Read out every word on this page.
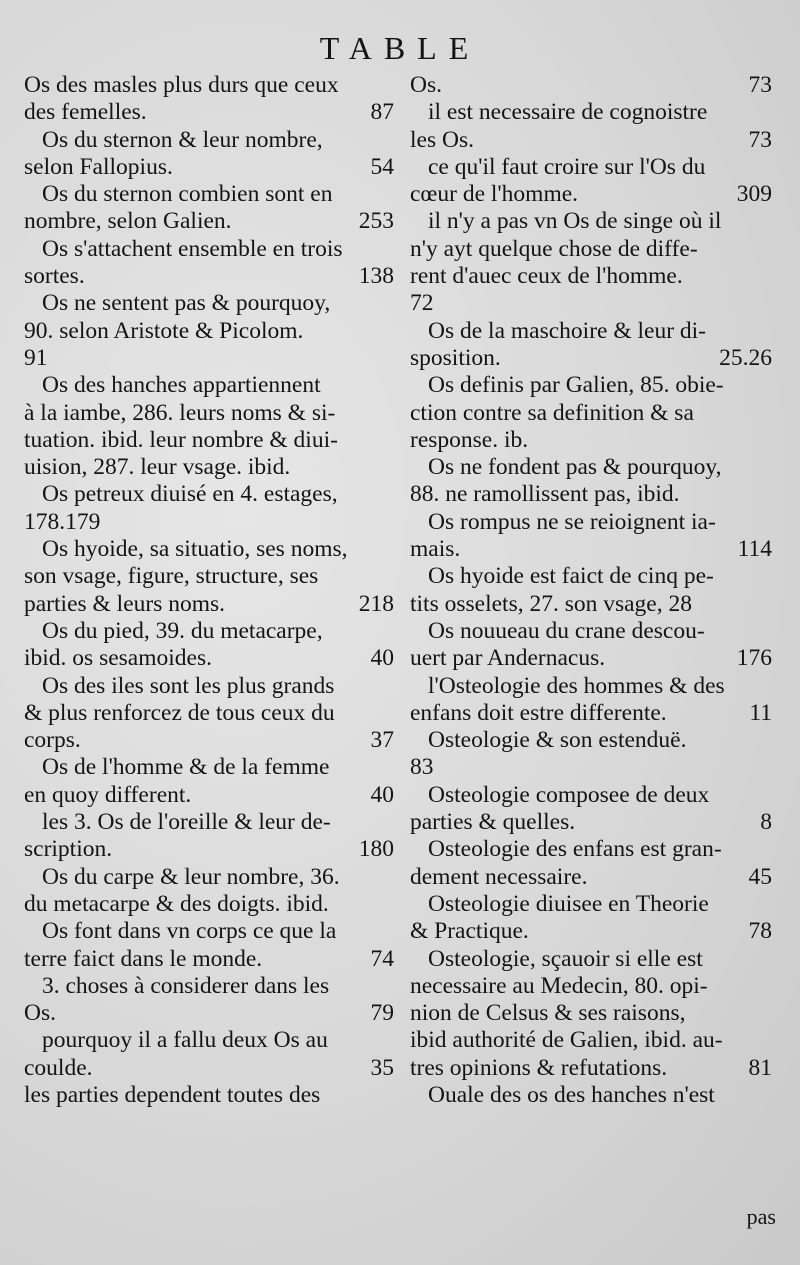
TABLE
Os des masles plus durs que ceux
des femelles.	87
Os du sternon & leur nombre,
selon Fallopius.	54
Os du sternon combien sont en
nombre, selon Galien.	253
Os s'attachent ensemble en trois
sortes.	138
Os ne sentent pas & pourquoy,
90. selon Aristote & Picolom.
91
Os des hanches appartiennent
à la iambe, 286. leurs noms & si-
tuation. ibid. leur nombre & diui-
uision, 287. leur vsage. ibid.
Os petreux diuisé en 4. estages,
178.179
Os hyoide, sa situatio, ses noms,
son vsage, figure, structure, ses
parties & leurs noms.	218
Os du pied, 39. du metacarpe,
ibid. os sesamoides.	40
Os des iles sont les plus grands
& plus renforcez de tous ceux du
corps.	37
Os de l'homme & de la femme
en quoy different.	40
les 3. Os de l'oreille & leur de-
scription.	180
Os du carpe & leur nombre, 36.
du metacarpe & des doigts. ibid.
Os font dans vn corps ce que la
terre faict dans le monde.	74
3. choses à considerer dans les
Os.	79
pourquoy il a fallu deux Os au
coulde.	35
les parties dependent toutes des
Os.	73
il est necessaire de cognoistre
les Os.	73
ce qu'il faut croire sur l'Os du
cœur de l'homme.	309
il n'y a pas vn Os de singe où il
n'y ayt quelque chose de diffe-
rent d'auec ceux de l'homme.
72
Os de la maschoire & leur di-
sposition.	25.26
Os definis par Galien, 85. obie-
ction contre sa definition & sa
response. ib.
Os ne fondent pas & pourquoy,
88. ne ramollissent pas, ibid.
Os rompus ne se reioignent ia-
mais.	114
Os hyoide est faict de cinq pe-
tits osselets, 27. son vsage, 28
Os nouueau du crane descou-
uert par Andernacus.	176
l'Osteologie des hommes & des
enfans doit estre differente.	11
Osteologie & son estenduë.
83
Osteologie composee de deux
parties & quelles.	8
Osteologie des enfans est gran-
dement necessaire.	45
Osteologie diuisee en Theorie
& Practique.	78
Osteologie, sçauoir si elle est
necessaire au Medecin, 80. opi-
nion de Celsus & ses raisons,
ibid authorité de Galien, ibid. au-
tres opinions & refutations.	81
Ouale des os des hanches n'est
pas
